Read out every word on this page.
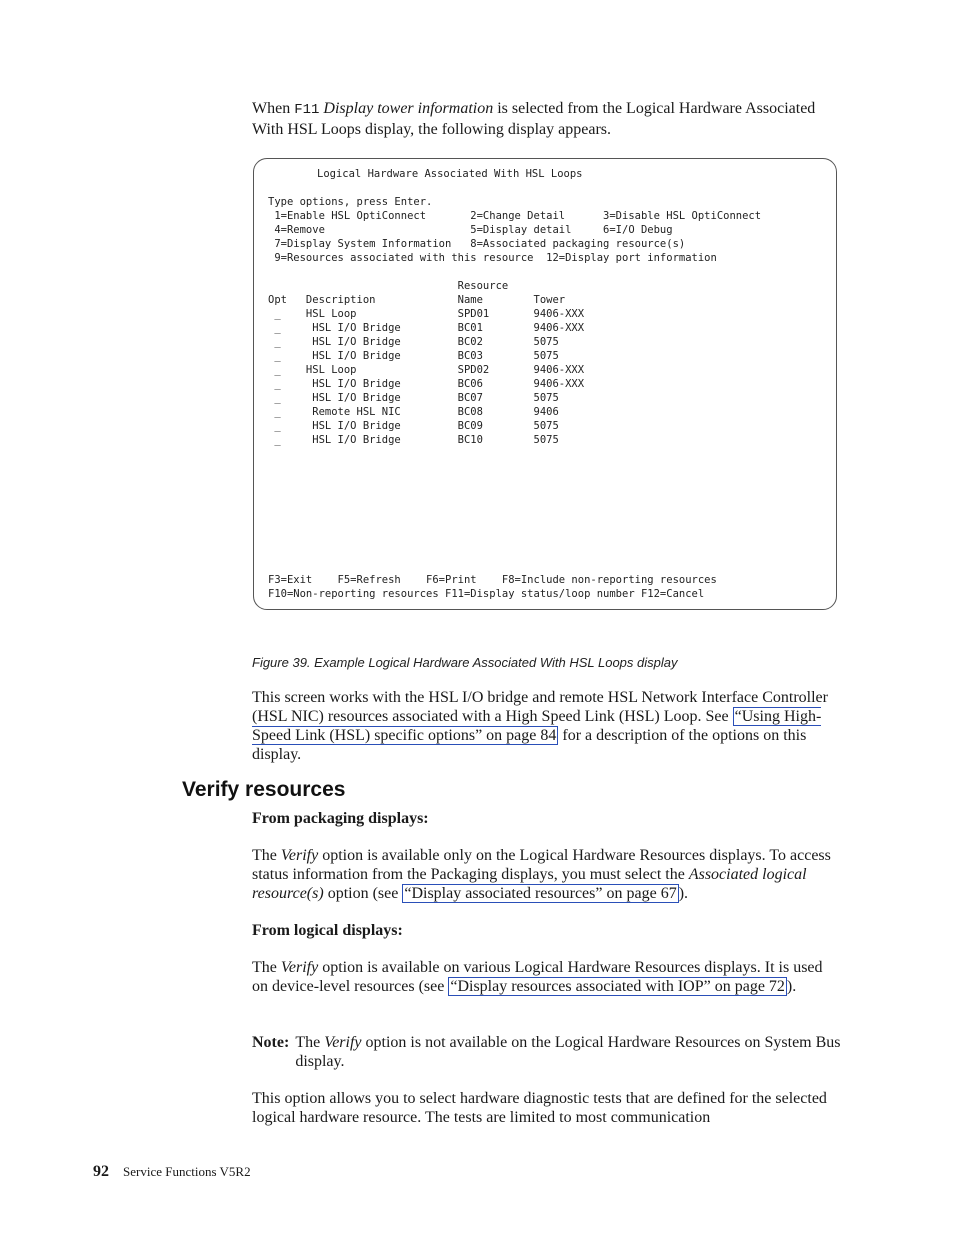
When F11 Display tower information is selected from the Logical Hardware Associated With HSL Loops display, the following display appears.

Logical Hardware Associated With HSL Loops
Type options, press Enter.
1=Enable HSL OptiConnect       2=Change Detail      3=Disable HSL OptiConnect
4=Remove                       5=Display detail     6=I/O Debug
7=Display System Information   8=Associated packaging resource(s)
9=Resources associated with this resource  12=Display port information
Resource
Opt   Description             Name        Tower
_    HSL Loop                SPD01       9406-XXX
_     HSL I/O Bridge         BC01        9406-XXX
_     HSL I/O Bridge         BC02        5075
_     HSL I/O Bridge         BC03        5075
_    HSL Loop                SPD02       9406-XXX
_     HSL I/O Bridge         BC06        9406-XXX
_     HSL I/O Bridge         BC07        5075
_     Remote HSL NIC         BC08        9406
_     HSL I/O Bridge         BC09        5075
_     HSL I/O Bridge         BC10        5075
F3=Exit    F5=Refresh    F6=Print    F8=Include non-reporting resources
F10=Non-reporting resources F11=Display status/loop number F12=Cancel

Figure 39. Example Logical Hardware Associated With HSL Loops display

This screen works with the HSL I/O bridge and remote HSL Network Interface Controller (HSL NIC) resources associated with a High Speed Link (HSL) Loop. See “Using High-Speed Link (HSL) specific options” on page 84 for a description of the options on this display.

Verify resources

From packaging displays:

The Verify option is available only on the Logical Hardware Resources displays. To access status information from the Packaging displays, you must select the Associated logical resource(s) option (see “Display associated resources” on page 67 ).

From logical displays:

The Verify option is available on various Logical Hardware Resources displays. It is used on device-level resources (see “Display resources associated with IOP” on page 72 ).

Note: The Verify option is not available on the Logical Hardware Resources on System Bus display.

This option allows you to select hardware diagnostic tests that are defined for the selected logical hardware resource. The tests are limited to most communication

92 Service Functions V5R2
